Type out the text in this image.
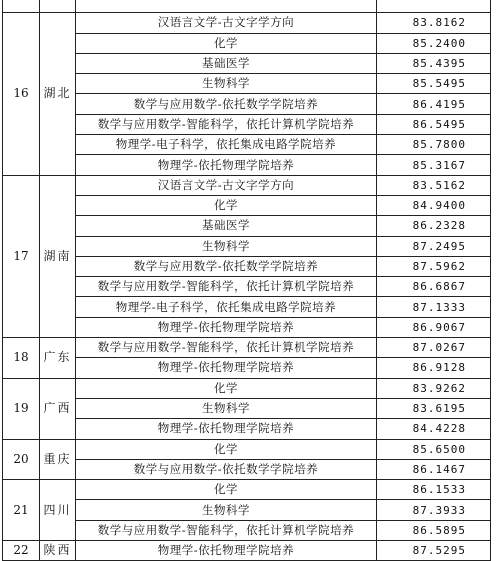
16	湖北	汉语言文学-古文字学方向	83.8162
		化学	85.2400
		基础医学	85.4395
		生物科学	85.5495
		数学与应用数学-依托数学学院培养	86.4195
		数学与应用数学-智能科学，依托计算机学院培养	86.5495
		物理学-电子科学，依托集成电路学院培养	85.7800
		物理学-依托物理学院培养	85.3167
17	湖南	汉语言文学-古文字学方向	83.5162
		化学	84.9400
		基础医学	86.2328
		生物科学	87.2495
		数学与应用数学-依托数学学院培养	87.5962
		数学与应用数学-智能科学，依托计算机学院培养	86.6867
		物理学-电子科学，依托集成电路学院培养	87.1333
		物理学-依托物理学院培养	86.9067
18	广东	数学与应用数学-智能科学，依托计算机学院培养	87.0267
		物理学-依托物理学院培养	86.9128
19	广西	化学	83.9262
		生物科学	83.6195
		物理学-依托物理学院培养	84.4228
20	重庆	化学	85.6500
		数学与应用数学-依托数学学院培养	86.1467
21	四川	化学	86.1533
		生物科学	87.3933
		数学与应用数学-智能科学，依托计算机学院培养	86.5895
22	陕西	物理学-依托物理学院培养	87.5295
